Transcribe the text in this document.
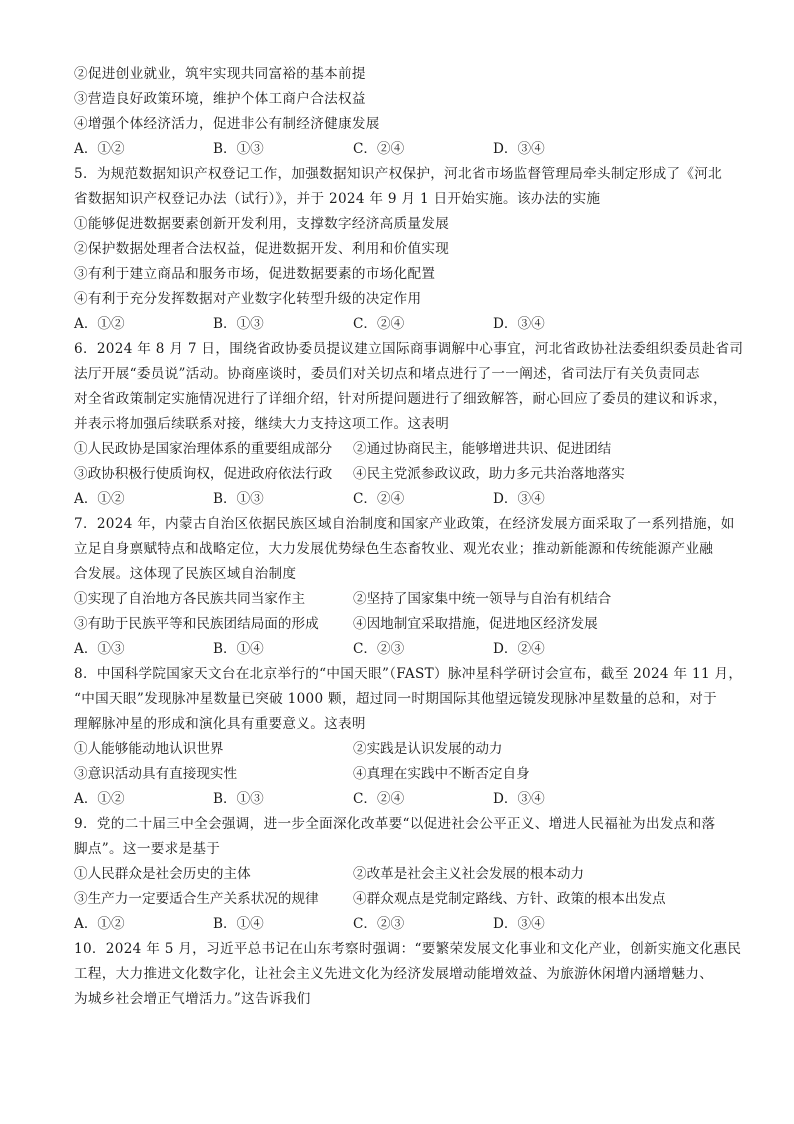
②促进创业就业，筑牢实现共同富裕的基本前提
③营造良好政策环境，维护个体工商户合法权益
④增强个体经济活力，促进非公有制经济健康发展
A．①②	B．①③	C．②④	D．③④
5．为规范数据知识产权登记工作，加强数据知识产权保护，河北省市场监督管理局牵头制定形成了《河北
省数据知识产权登记办法（试行）》，并于 2024 年 9 月 1 日开始实施。该办法的实施
①能够促进数据要素创新开发利用，支撑数字经济高质量发展
②保护数据处理者合法权益，促进数据开发、利用和价值实现
③有利于建立商品和服务市场，促进数据要素的市场化配置
④有利于充分发挥数据对产业数字化转型升级的决定作用
A．①②	B．①③	C．②④	D．③④
6．2024 年 8 月 7 日，围绕省政协委员提议建立国际商事调解中心事宜，河北省政协社法委组织委员赴省司
法厅开展“委员说”活动。协商座谈时，委员们对关切点和堵点进行了一一阐述，省司法厅有关负责同志
对全省政策制定实施情况进行了详细介绍，针对所提问题进行了细致解答，耐心回应了委员的建议和诉求，
并表示将加强后续联系对接，继续大力支持这项工作。这表明
①人民政协是国家治理体系的重要组成部分 ②通过协商民主，能够增进共识、促进团结
③政协积极行使质询权，促进政府依法行政 ④民主党派参政议政，助力多元共治落地落实
A．①②	B．①③	C．②④	D．③④
7．2024 年，内蒙古自治区依据民族区域自治制度和国家产业政策，在经济发展方面采取了一系列措施，如
立足自身禀赋特点和战略定位，大力发展优势绿色生态畜牧业、观光农业；推动新能源和传统能源产业融
合发展。这体现了民族区域自治制度
①实现了自治地方各民族共同当家作主	②坚持了国家集中统一领导与自治有机结合
③有助于民族平等和民族团结局面的形成	④因地制宜采取措施，促进地区经济发展
A．①③	B．①④	C．②③	D．②④
8．中国科学院国家天文台在北京举行的“中国天眼”（FAST）脉冲星科学研讨会宣布，截至 2024 年 11 月，
“中国天眼”发现脉冲星数量已突破 1000 颗，超过同一时期国际其他望远镜发现脉冲星数量的总和，对于
理解脉冲星的形成和演化具有重要意义。这表明
①人能够能动地认识世界	②实践是认识发展的动力
③意识活动具有直接现实性	④真理在实践中不断否定自身
A．①②	B．①③	C．②④	D．③④
9．党的二十届三中全会强调，进一步全面深化改革要“以促进社会公平正义、增进人民福祉为出发点和落
脚点”。这一要求是基于
①人民群众是社会历史的主体	②改革是社会主义社会发展的根本动力
③生产力一定要适合生产关系状况的规律	④群众观点是党制定路线、方针、政策的根本出发点
A．①②	B．①④	C．②③	D．③④
10．2024 年 5 月，习近平总书记在山东考察时强调：“要繁荣发展文化事业和文化产业，创新实施文化惠民
工程，大力推进文化数字化，让社会主义先进文化为经济发展增动能增效益、为旅游休闲增内涵增魅力、
为城乡社会增正气增活力。”这告诉我们
